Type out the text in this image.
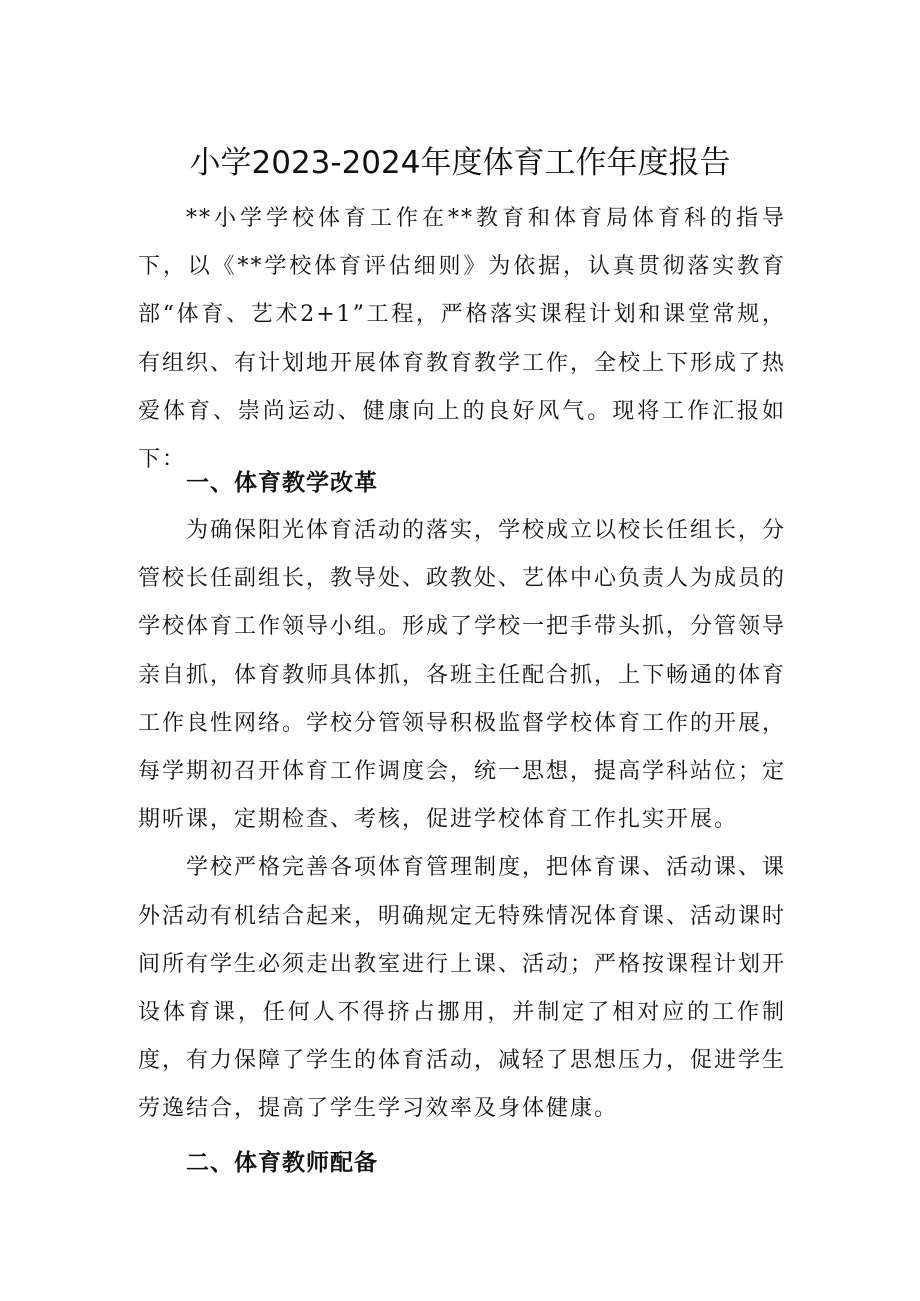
小学2023-2024年度体育工作年度报告

**小学学校体育工作在**教育和体育局体育科的指导下，以《**学校体育评估细则》为依据，认真贯彻落实教育部“体育、艺术2+1”工程，严格落实课程计划和课堂常规，有组织、有计划地开展体育教育教学工作，全校上下形成了热爱体育、崇尚运动、健康向上的良好风气。现将工作汇报如下：

一、体育教学改革

为确保阳光体育活动的落实，学校成立以校长任组长，分管校长任副组长，教导处、政教处、艺体中心负责人为成员的学校体育工作领导小组。形成了学校一把手带头抓，分管领导亲自抓，体育教师具体抓，各班主任配合抓，上下畅通的体育工作良性网络。学校分管领导积极监督学校体育工作的开展，每学期初召开体育工作调度会，统一思想，提高学科站位；定期听课，定期检查、考核，促进学校体育工作扎实开展。

学校严格完善各项体育管理制度，把体育课、活动课、课外活动有机结合起来，明确规定无特殊情况体育课、活动课时间所有学生必须走出教室进行上课、活动；严格按课程计划开设体育课，任何人不得挤占挪用，并制定了相对应的工作制度，有力保障了学生的体育活动，减轻了思想压力，促进学生劳逸结合，提高了学生学习效率及身体健康。

二、体育教师配备
